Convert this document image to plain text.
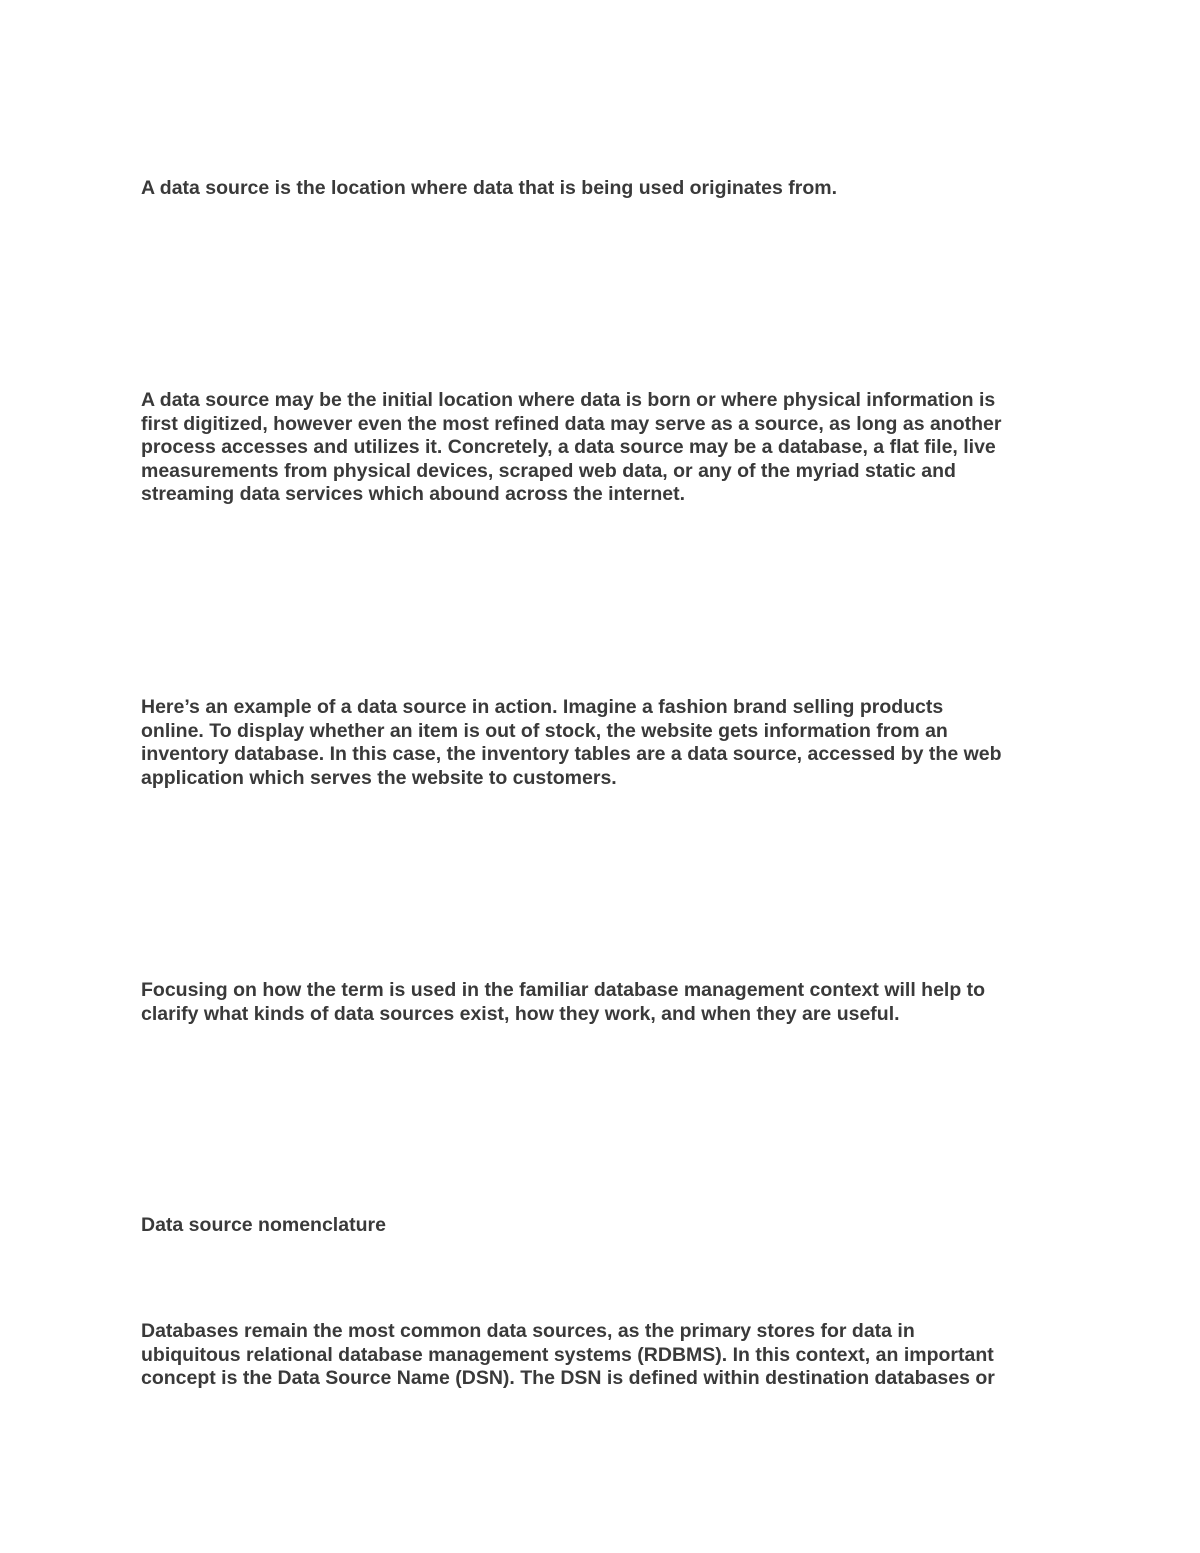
A data source is the location where data that is being used originates from.

A data source may be the initial location where data is born or where physical information is
first digitized, however even the most refined data may serve as a source, as long as another
process accesses and utilizes it. Concretely, a data source may be a database, a flat file, live
measurements from physical devices, scraped web data, or any of the myriad static and
streaming data services which abound across the internet.

Here’s an example of a data source in action. Imagine a fashion brand selling products
online. To display whether an item is out of stock, the website gets information from an
inventory database. In this case, the inventory tables are a data source, accessed by the web
application which serves the website to customers.

Focusing on how the term is used in the familiar database management context will help to
clarify what kinds of data sources exist, how they work, and when they are useful.

Data source nomenclature

Databases remain the most common data sources, as the primary stores for data in
ubiquitous relational database management systems (RDBMS). In this context, an important
concept is the Data Source Name (DSN). The DSN is defined within destination databases or
